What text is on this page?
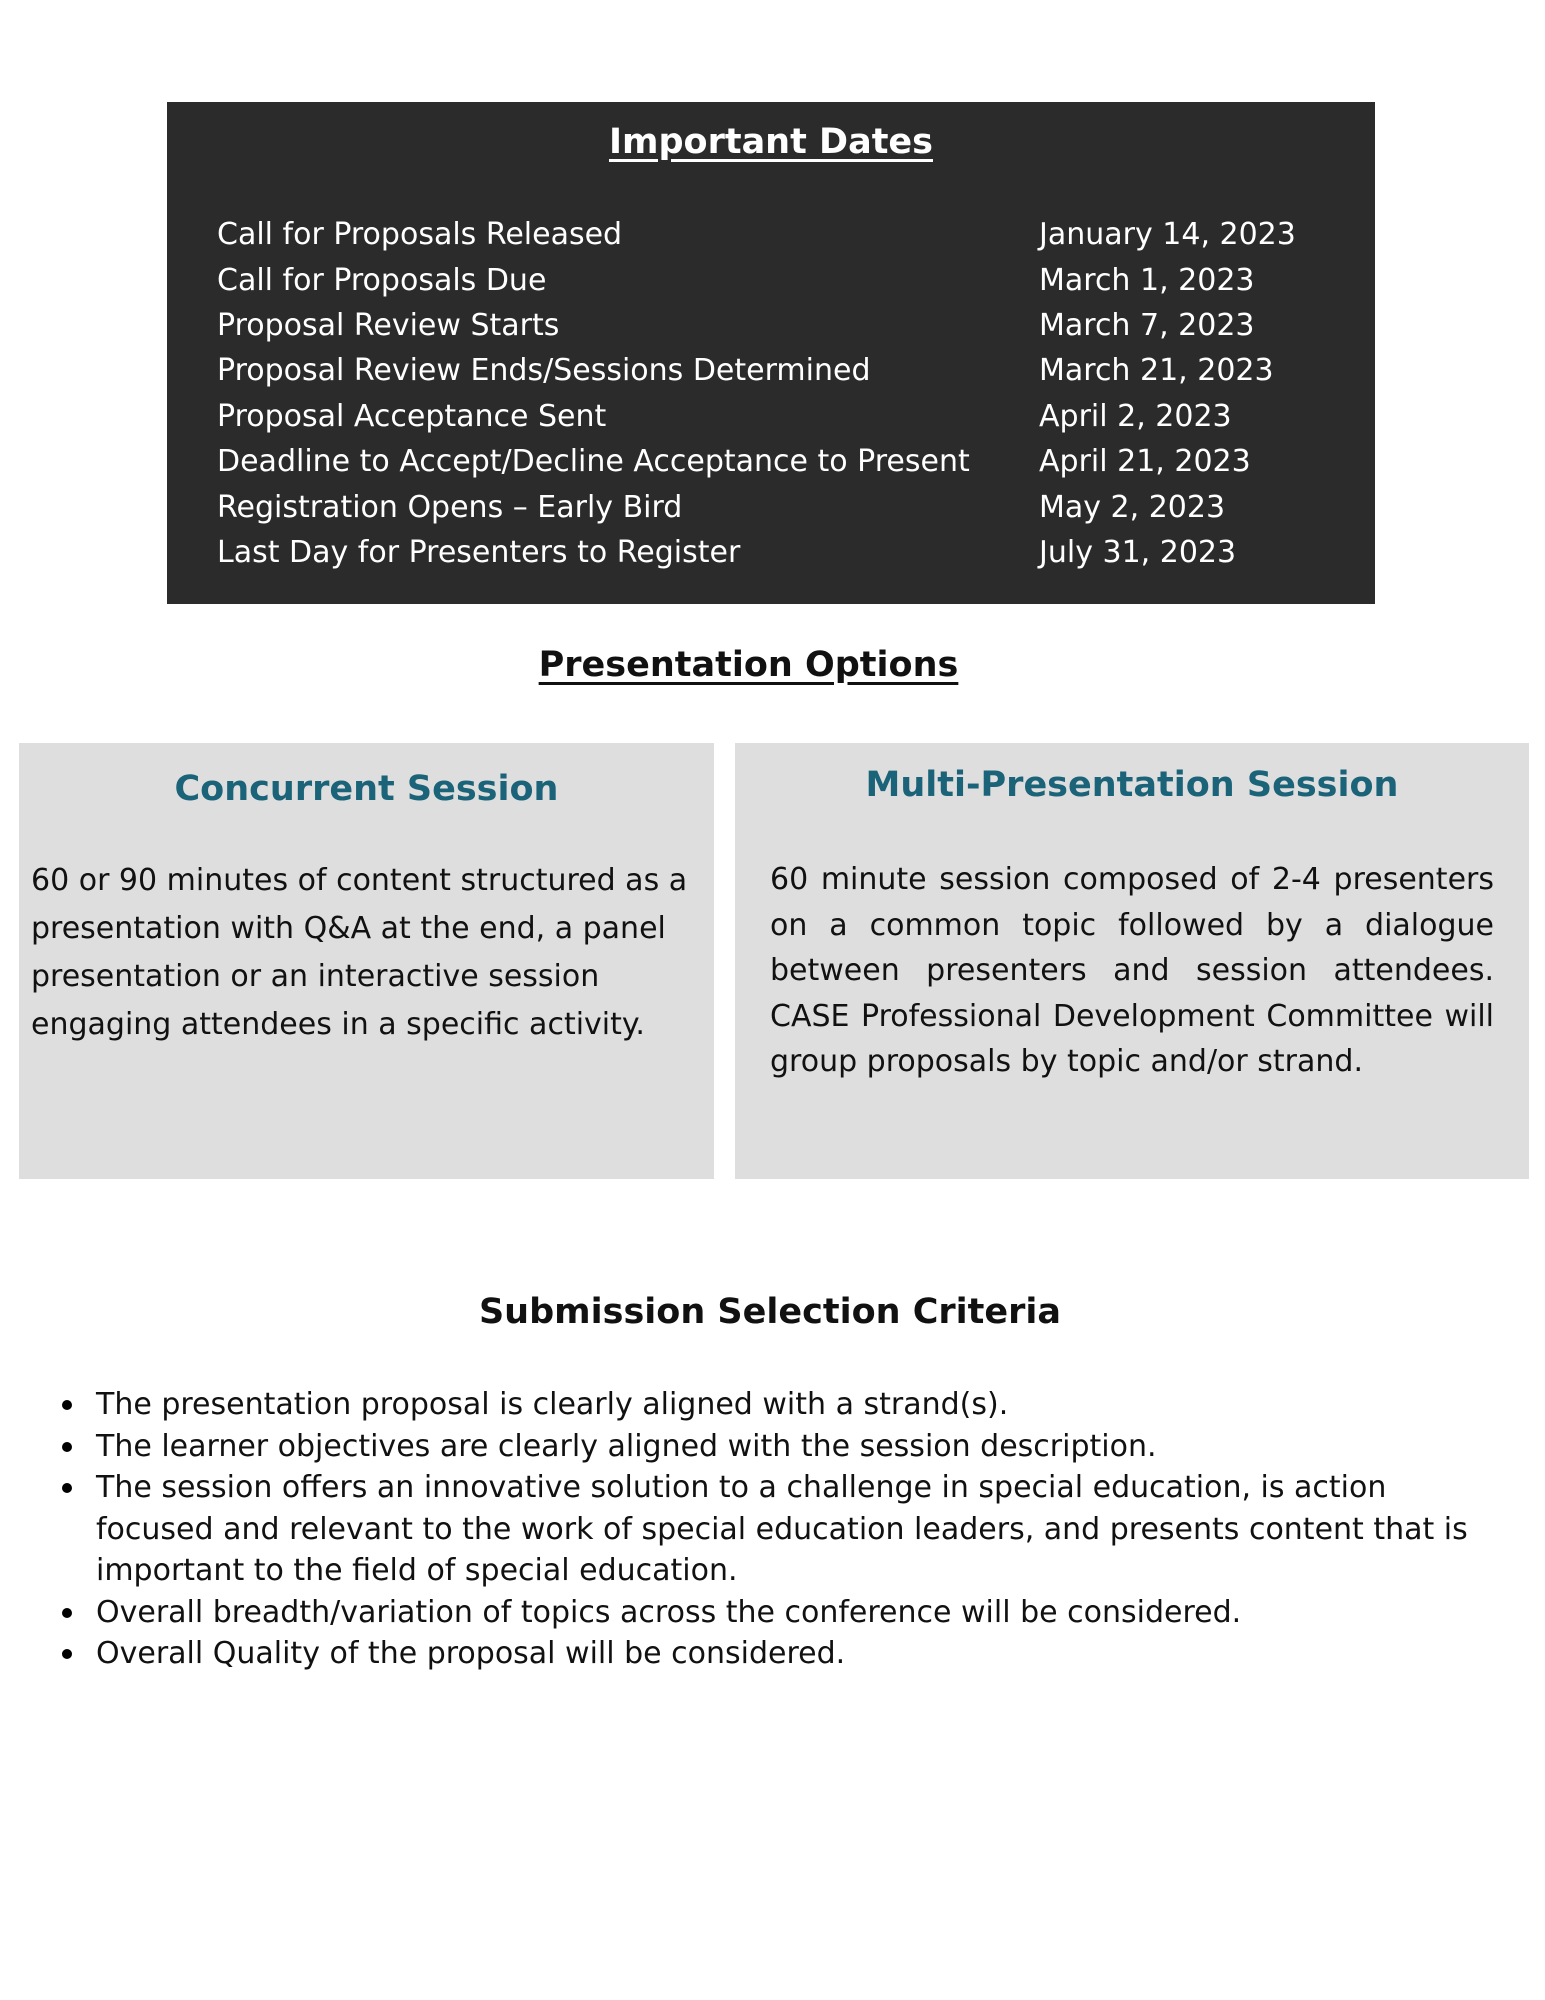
Important Dates
Call for Proposals Released	January 14, 2023
Call for Proposals Due	March 1, 2023
Proposal Review Starts	March 7, 2023
Proposal Review Ends/Sessions Determined	March 21, 2023
Proposal Acceptance Sent	April 2, 2023
Deadline to Accept/Decline Acceptance to Present	April 21, 2023
Registration Opens – Early Bird	May 2, 2023
Last Day for Presenters to Register	July 31, 2023
Presentation Options
Concurrent Session

60 or 90 minutes of content structured as a presentation with Q&A at the end, a panel presentation or an interactive session engaging attendees in a specific activity.

Multi-Presentation Session

60 minute session composed of 2-4 presenters on a common topic followed by a dialogue between presenters and session attendees. CASE Professional Development Committee will group proposals by topic and/or strand.

Submission Selection Criteria
The presentation proposal is clearly aligned with a strand(s).
The learner objectives are clearly aligned with the session description.
The session offers an innovative solution to a challenge in special education, is action focused and relevant to the work of special education leaders, and presents content that is important to the field of special education.
Overall breadth/variation of topics across the conference will be considered.
Overall Quality of the proposal will be considered.
